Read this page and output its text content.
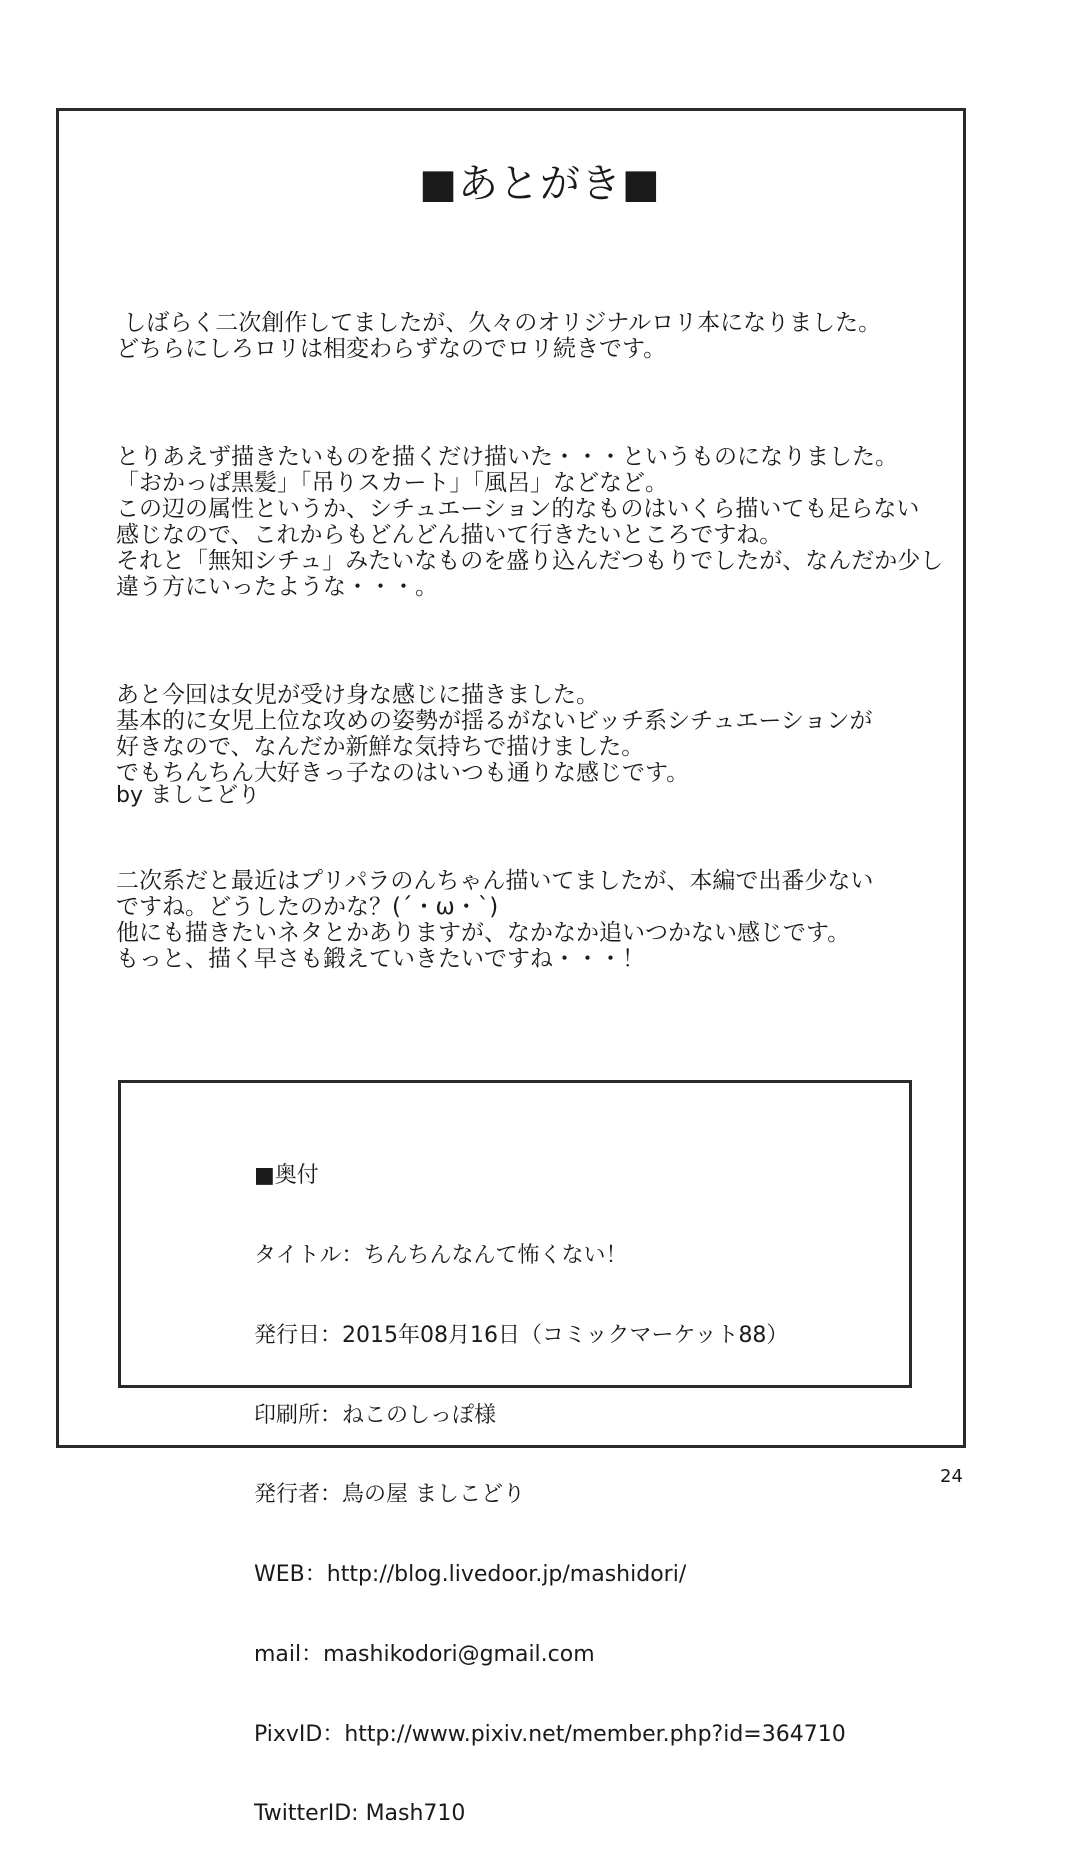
■あとがき■

しばらく二次創作してましたが、久々のオリジナルロリ本になりました。
どちらにしろロリは相変わらずなのでロリ続きです。

とりあえず描きたいものを描くだけ描いた・・・というものになりました。
「おかっぱ黒髪」「吊りスカート」「風呂」などなど。
この辺の属性というか、シチュエーション的なものはいくら描いても足らない
感じなので、これからもどんどん描いて行きたいところですね。
それと「無知シチュ」みたいなものを盛り込んだつもりでしたが、なんだか少し
違う方にいったような・・・。

あと今回は女児が受け身な感じに描きました。
基本的に女児上位な攻めの姿勢が揺るがないビッチ系シチュエーションが
好きなので、なんだか新鮮な気持ちで描けました。
でもちんちん大好きっ子なのはいつも通りな感じです。

二次系だと最近はプリパラのんちゃん描いてましたが、本編で出番少ない
ですね。どうしたのかな？(´・ω・`)
他にも描きたいネタとかありますが、なかなか追いつかない感じです。
もっと、描く早さも鍛えていきたいですね・・・！

by ましこどり

■奥付

タイトル：ちんちんなんて怖くない！

発行日：2015年08月16日（コミックマーケット88）

印刷所：ねこのしっぽ様

発行者：鳥の屋 ましこどり

WEB：http://blog.livedoor.jp/mashidori/

mail：mashikodori@gmail.com

PixvID：http://www.pixiv.net/member.php?id=364710

TwitterID: Mash710

24
